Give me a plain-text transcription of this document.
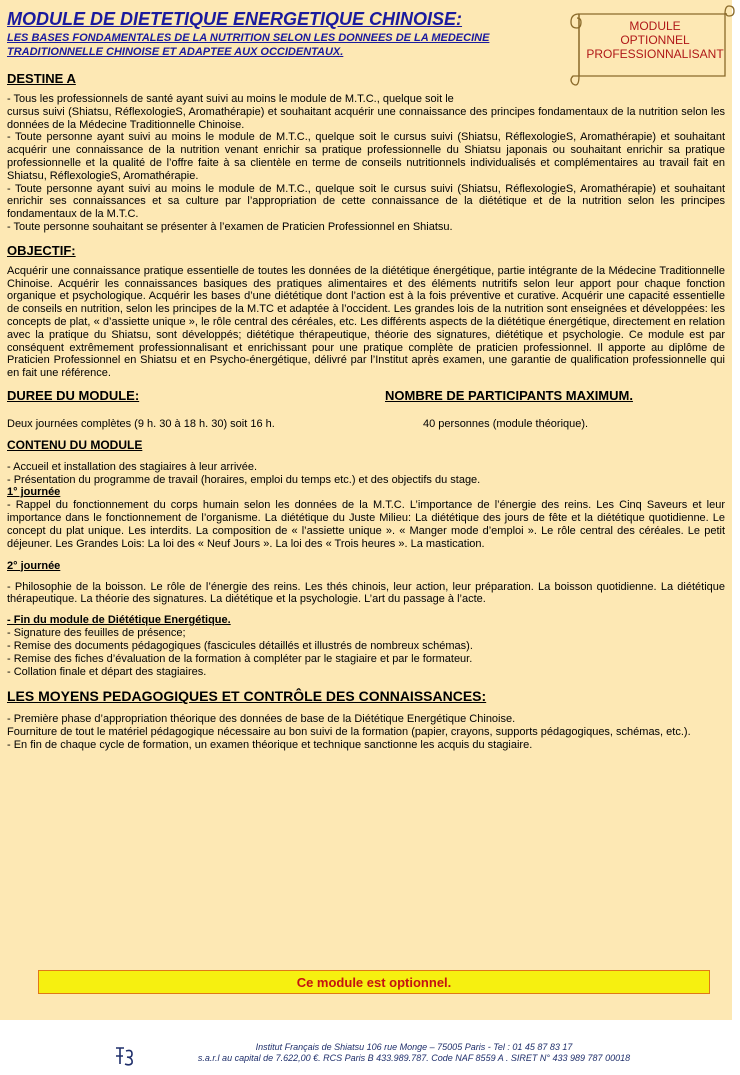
MODULE
OPTIONNEL
PROFESSIONNALISANT
MODULE DE DIETETIQUE ENERGETIQUE CHINOISE:
LES BASES FONDAMENTALES DE LA NUTRITION SELON LES DONNEES DE LA MEDECINE TRADITIONNELLE CHINOISE ET ADAPTEE AUX OCCIDENTAUX.
DESTINE A
- Tous les professionnels de santé ayant suivi au moins le module de M.T.C., quelque soit le
cursus suivi (Shiatsu, RéflexologieS, Aromathérapie) et souhaitant acquérir une connaissance des principes fondamentaux de la nutrition selon les données de la Médecine Traditionnelle Chinoise.
- Toute personne ayant suivi au moins le module de M.T.C., quelque soit le cursus suivi (Shiatsu, RéflexologieS, Aromathérapie) et souhaitant acquérir une connaissance de la nutrition venant enrichir sa pratique professionnelle du Shiatsu japonais ou souhaitant enrichir sa pratique professionnelle et la qualité de l’offre faite à sa clientèle en terme de conseils nutritionnels individualisés et complémentaires au travail fait en Shiatsu, RéflexologieS, Aromathérapie.
- Toute personne ayant suivi au moins le module de M.T.C., quelque soit le cursus suivi (Shiatsu, RéflexologieS, Aromathérapie) et souhaitant enrichir ses connaissances et sa culture par l’appropriation de cette connaissance de la diététique et de la nutrition selon les principes fondamentaux de la M.T.C.
- Toute personne souhaitant se présenter à l’examen de Praticien Professionnel en Shiatsu.
OBJECTIF:
Acquérir une connaissance pratique essentielle de toutes les données de la diététique énergétique, partie intégrante de la Médecine Traditionnelle Chinoise. Acquérir les connaissances basiques des pratiques alimentaires et des éléments nutritifs selon leur apport pour chaque fonction organique et psychologique. Acquérir les bases d’une diététique dont l’action est à la fois préventive et curative. Acquérir une capacité essentielle de conseils en nutrition, selon les principes de la M.TC et adaptée à l’occident. Les grandes lois de la nutrition sont enseignées et développées: les concepts de plat, « d’assiette unique », le rôle central des céréales, etc. Les différents aspects de la diététique énergétique, directement en relation avec la pratique du Shiatsu, sont développés; diététique thérapeutique, théorie des signatures, diététique et psychologie. Ce module est par conséquent extrêmement professionnalisant et enrichissant pour une pratique complète de praticien professionnel. Il apporte au diplôme de Praticien Professionnel en Shiatsu et en Psycho-énergétique, délivré par l’Institut après examen, une garantie de qualification professionnelle qui en fait une référence.
DUREE DU MODULE:	NOMBRE DE PARTICIPANTS MAXIMUM.
Deux journées complètes (9 h. 30 à 18 h. 30) soit 16 h.	40 personnes (module théorique).
CONTENU DU MODULE
- Accueil et installation des stagiaires à leur arrivée.
- Présentation du programme de travail (horaires, emploi du temps etc.) et des objectifs du stage.
1° journée
- Rappel du fonctionnement du corps humain selon les données de la M.T.C. L’importance de l’énergie des reins. Les Cinq Saveurs et leur importance dans le fonctionnement de l’organisme. La diététique du Juste Milieu: La diététique des jours de fête et la diététique quotidienne. Le concept du plat unique. Les interdits. La composition de « l’assiette unique ». « Manger mode d’emploi ». Le rôle central des céréales. Le petit déjeuner. Les Grandes Lois: La loi des « Neuf Jours ». La loi des « Trois heures ». La mastication.
2° journée
- Philosophie de la boisson. Le rôle de l’énergie des reins. Les thés chinois, leur action, leur préparation. La boisson quotidienne. La diététique thérapeutique. La théorie des signatures. La diététique et la psychologie. L’art du passage à l’acte.
- Fin du module de Diététique Energétique.
- Signature des feuilles de présence;
- Remise des documents pédagogiques (fascicules détaillés et illustrés de nombreux schémas).
- Remise des fiches d’évaluation de la formation à compléter par le stagiaire et par le formateur.
- Collation finale et départ des stagiaires.
LES MOYENS PEDAGOGIQUES ET CONTRÔLE DES CONNAISSANCES:
- Première phase d’appropriation théorique des données de base de la Diététique Energétique Chinoise.
Fourniture de tout le matériel pédagogique nécessaire au bon suivi de la formation (papier, crayons, supports pédagogiques, schémas, etc.).
- En fin de chaque cycle de formation, un examen théorique et technique sanctionne les acquis du stagiaire.
Ce module est optionnel.
Institut Français de Shiatsu 106 rue Monge – 75005 Paris - Tel : 01 45 87 83 17
s.a.r.l au capital de 7.622,00 €. RCS Paris B 433.989.787. Code NAF 8559 A . SIRET N° 433 989 787 00018
